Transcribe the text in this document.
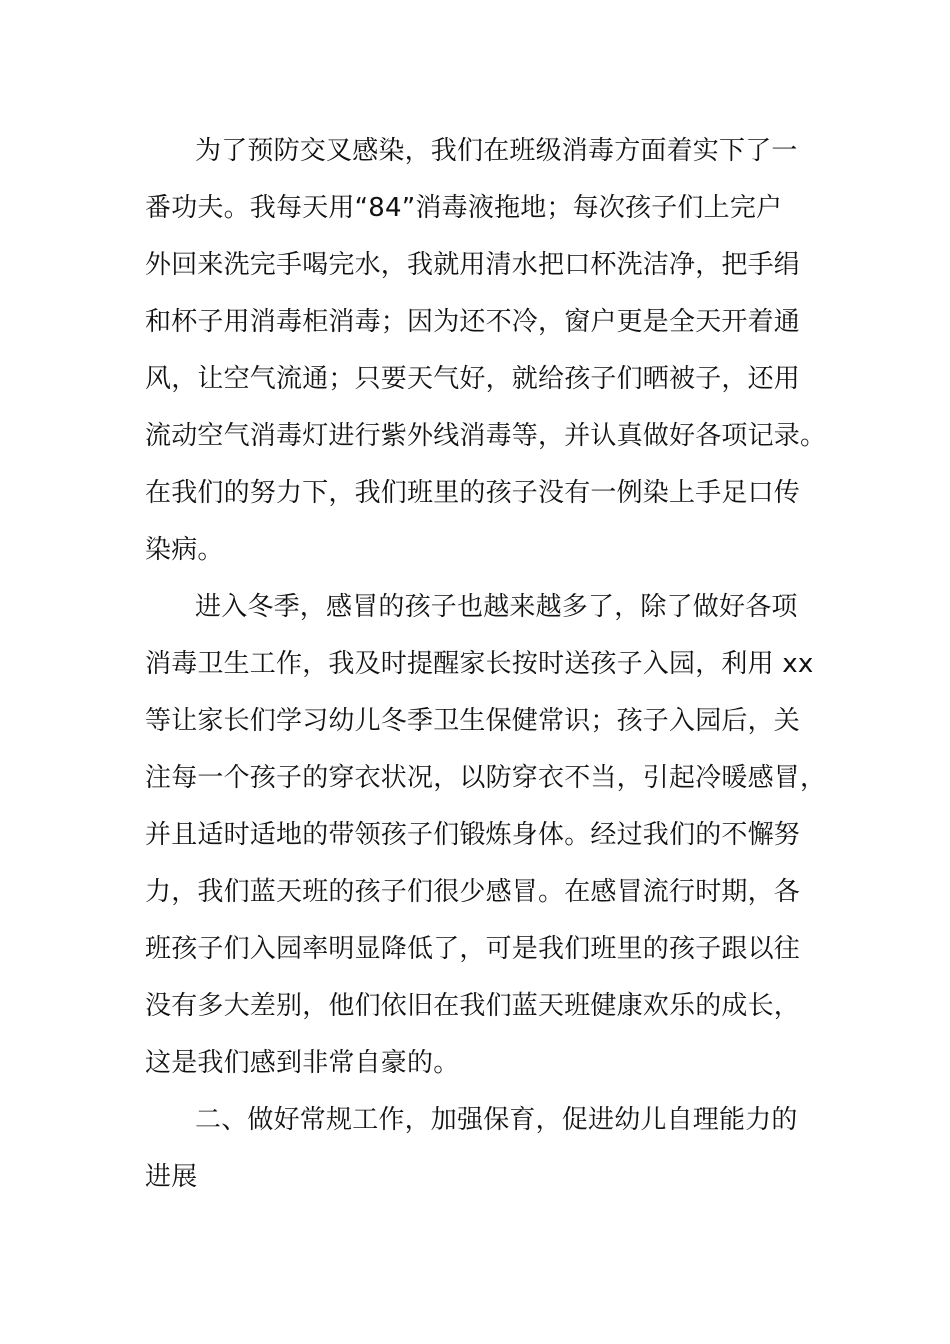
为了预防交叉感染，我们在班级消毒方面着实下了一

番功夫。我每天用“84”消毒液拖地；每次孩子们上完户

外回来洗完手喝完水，我就用清水把口杯洗洁净，把手绢

和杯子用消毒柜消毒；因为还不冷，窗户更是全天开着通

风，让空气流通；只要天气好，就给孩子们晒被子，还用

流动空气消毒灯进行紫外线消毒等，并认真做好各项记录。

在我们的努力下，我们班里的孩子没有一例染上手足口传

染病。

进入冬季，感冒的孩子也越来越多了，除了做好各项

消毒卫生工作，我及时提醒家长按时送孩子入园，利用 xx

等让家长们学习幼儿冬季卫生保健常识；孩子入园后，关

注每一个孩子的穿衣状况，以防穿衣不当，引起冷暖感冒，

并且适时适地的带领孩子们锻炼身体。经过我们的不懈努

力，我们蓝天班的孩子们很少感冒。在感冒流行时期，各

班孩子们入园率明显降低了，可是我们班里的孩子跟以往

没有多大差别，他们依旧在我们蓝天班健康欢乐的成长，

这是我们感到非常自豪的。

二、做好常规工作，加强保育，促进幼儿自理能力的

进展
